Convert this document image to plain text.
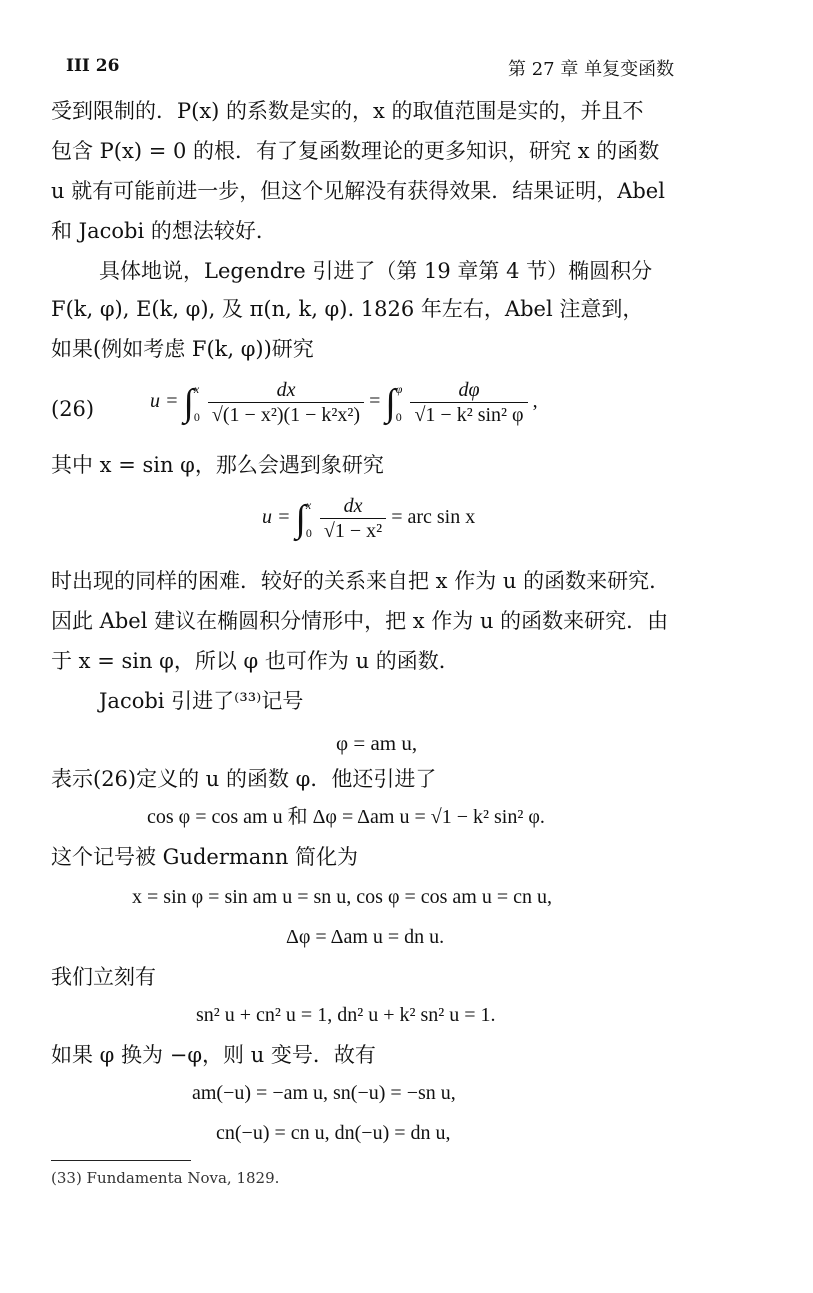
III 26	第 27 章 单复变函数
受到限制的．P(x) 的系数是实的，x 的取值范围是实的，并且不
包含 P(x) = 0 的根．有了复函数理论的更多知识，研究 x 的函数
u 就有可能前进一步，但这个见解没有获得效果．结果证明，Abel
和 Jacobi 的想法较好．
具体地说，Legendre 引进了（第 19 章第 4 节）椭圆积分
F(k, φ), E(k, φ), 及 π(n, k, φ). 1826 年左右，Abel 注意到，
如果(例如考虑 F(k, φ))研究
(26)	u = ∫ x
0
$\frac{dx}{\text{√(1 − x²)(1 − k²x²)}}$ = ∫ φ
0
$\frac{d\varphi}{\text{√1 − k² sin² φ}}$ ,
其中 x = sin φ，那么会遇到象研究
u = ∫ x
0
$\frac{dx}{\text{√1 − x²}}$ = arc sin x
时出现的同样的困难．较好的关系来自把 x 作为 u 的函数来研究．
因此 Abel 建议在椭圆积分情形中，把 x 作为 u 的函数来研究．由
于 x = sin φ，所以 φ 也可作为 u 的函数．
Jacobi 引进了⁽³³⁾记号
φ = am u,
表示(26)定义的 u 的函数 φ．他还引进了
cos φ = cos am u 和 Δφ = Δam u = √1 − k² sin² φ.
这个记号被 Gudermann 简化为
x = sin φ = sin am u = sn u, cos φ = cos am u = cn u,
Δφ = Δam u = dn u.
我们立刻有
sn² u + cn² u = 1, dn² u + k² sn² u = 1.
如果 φ 换为 −φ，则 u 变号．故有
am(−u) = −am u, sn(−u) = −sn u,
cn(−u) = cn u, dn(−u) = dn u,
(33) Fundamenta Nova, 1829.
